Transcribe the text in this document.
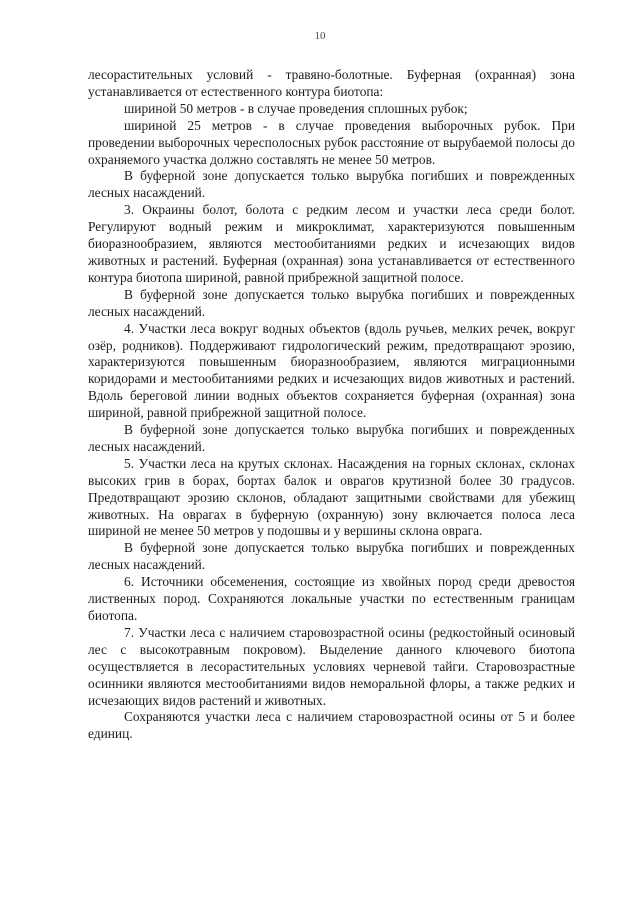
10

лесорастительных условий - травяно-болотные. Буферная (охранная) зона устанавливается от естественного контура биотопа:

шириной 50 метров - в случае проведения сплошных рубок;

шириной 25 метров - в случае проведения выборочных рубок. При проведении выборочных чересполосных рубок расстояние от вырубаемой полосы до охраняемого участка должно составлять не менее 50 метров.

В буферной зоне допускается только вырубка погибших и поврежденных лесных насаждений.

3. Окраины болот, болота с редким лесом и участки леса среди болот. Регулируют водный режим и микроклимат, характеризуются повышенным биоразнообразием, являются местообитаниями редких и исчезающих видов животных и растений. Буферная (охранная) зона устанавливается от естественного контура биотопа шириной, равной прибрежной защитной полосе.

В буферной зоне допускается только вырубка погибших и поврежденных лесных насаждений.

4. Участки леса вокруг водных объектов (вдоль ручьев, мелких речек, вокруг озёр, родников). Поддерживают гидрологический режим, предотвращают эрозию, характеризуются повышенным биоразнообразием, являются миграционными коридорами и местообитаниями редких и исчезающих видов животных и растений. Вдоль береговой линии водных объектов сохраняется буферная (охранная) зона шириной, равной прибрежной защитной полосе.

В буферной зоне допускается только вырубка погибших и поврежденных лесных насаждений.

5. Участки леса на крутых склонах. Насаждения на горных склонах, склонах высоких грив в борах, бортах балок и оврагов крутизной более 30 градусов. Предотвращают эрозию склонов, обладают защитными свойствами для убежищ животных. На оврагах в буферную (охранную) зону включается полоса леса шириной не менее 50 метров у подошвы и у вершины склона оврага.

В буферной зоне допускается только вырубка погибших и поврежденных лесных насаждений.

6. Источники обсеменения, состоящие из хвойных пород среди древостоя лиственных пород. Сохраняются локальные участки по естественным границам биотопа.

7. Участки леса с наличием старовозрастной осины (редкостойный осиновый лес с высокотравным покровом). Выделение данного ключевого биотопа осуществляется в лесорастительных условиях черневой тайги. Старовозрастные осинники являются местообитаниями видов неморальной флоры, а также редких и исчезающих видов растений и животных.

Сохраняются участки леса с наличием старовозрастной осины от 5 и более единиц.
